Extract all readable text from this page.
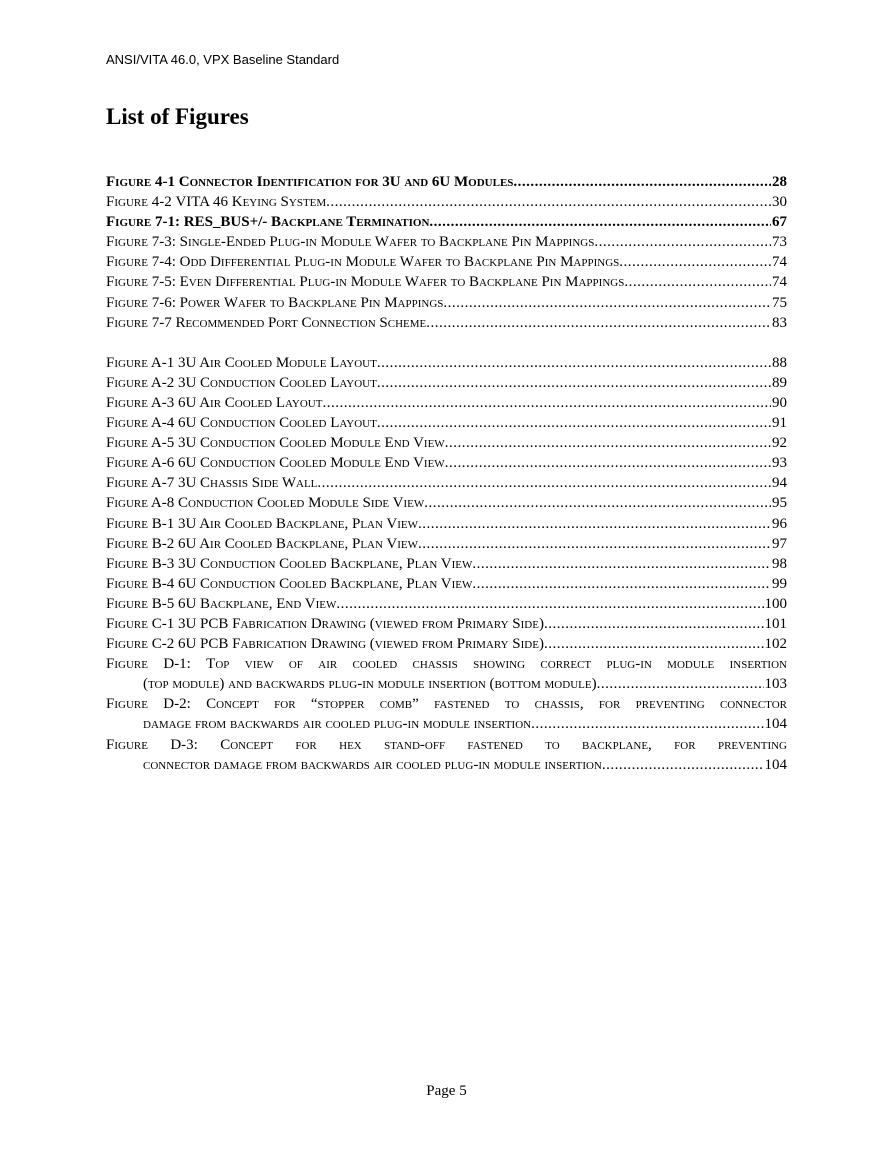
ANSI/VITA 46.0, VPX Baseline Standard
List of Figures
Figure 4-1 Connector Identification for 3U and 6U Modules .....	28
Figure 4-2 VITA 46 Keying System .....	30
Figure 7-1: RES_BUS+/- Backplane Termination .....	67
Figure 7-3: Single-Ended Plug-in Module Wafer to Backplane Pin Mappings .....	73
Figure 7-4: Odd Differential Plug-in Module Wafer to Backplane Pin Mappings .....	74
Figure 7-5: Even Differential Plug-in Module Wafer to Backplane Pin Mappings .....	74
Figure 7-6: Power Wafer to Backplane Pin Mappings .....	75
Figure 7-7 Recommended Port Connection Scheme .....	83
Figure A-1 3U Air Cooled Module Layout .....	88
Figure A-2 3U Conduction Cooled Layout .....	89
Figure A-3 6U Air Cooled Layout .....	90
Figure A-4 6U Conduction Cooled Layout .....	91
Figure A-5 3U Conduction Cooled Module End View .....	92
Figure A-6 6U Conduction Cooled Module End View .....	93
Figure A-7 3U Chassis Side Wall .....	94
Figure A-8 Conduction Cooled Module Side View .....	95
Figure B-1 3U Air Cooled Backplane, Plan View .....	96
Figure B-2 6U Air Cooled Backplane, Plan View .....	97
Figure B-3 3U Conduction Cooled Backplane, Plan View .....	98
Figure B-4 6U Conduction Cooled Backplane, Plan View .....	99
Figure B-5 6U Backplane, End View .....	100
Figure C-1 3U PCB Fabrication Drawing (viewed from Primary Side) .....	101
Figure C-2 6U PCB Fabrication Drawing (viewed from Primary Side) .....	102
Figure D-1: Top view of air cooled chassis showing correct plug-in module insertion
(top module) and backwards plug-in module insertion (bottom module) .....	103
Figure D-2: Concept for “stopper comb” fastened to chassis, for preventing connector
damage from backwards air cooled plug-in module insertion .....	104
Figure D-3: Concept for hex stand-off fastened to backplane, for preventing
connector damage from backwards air cooled plug-in module insertion .....	104
Page 5
